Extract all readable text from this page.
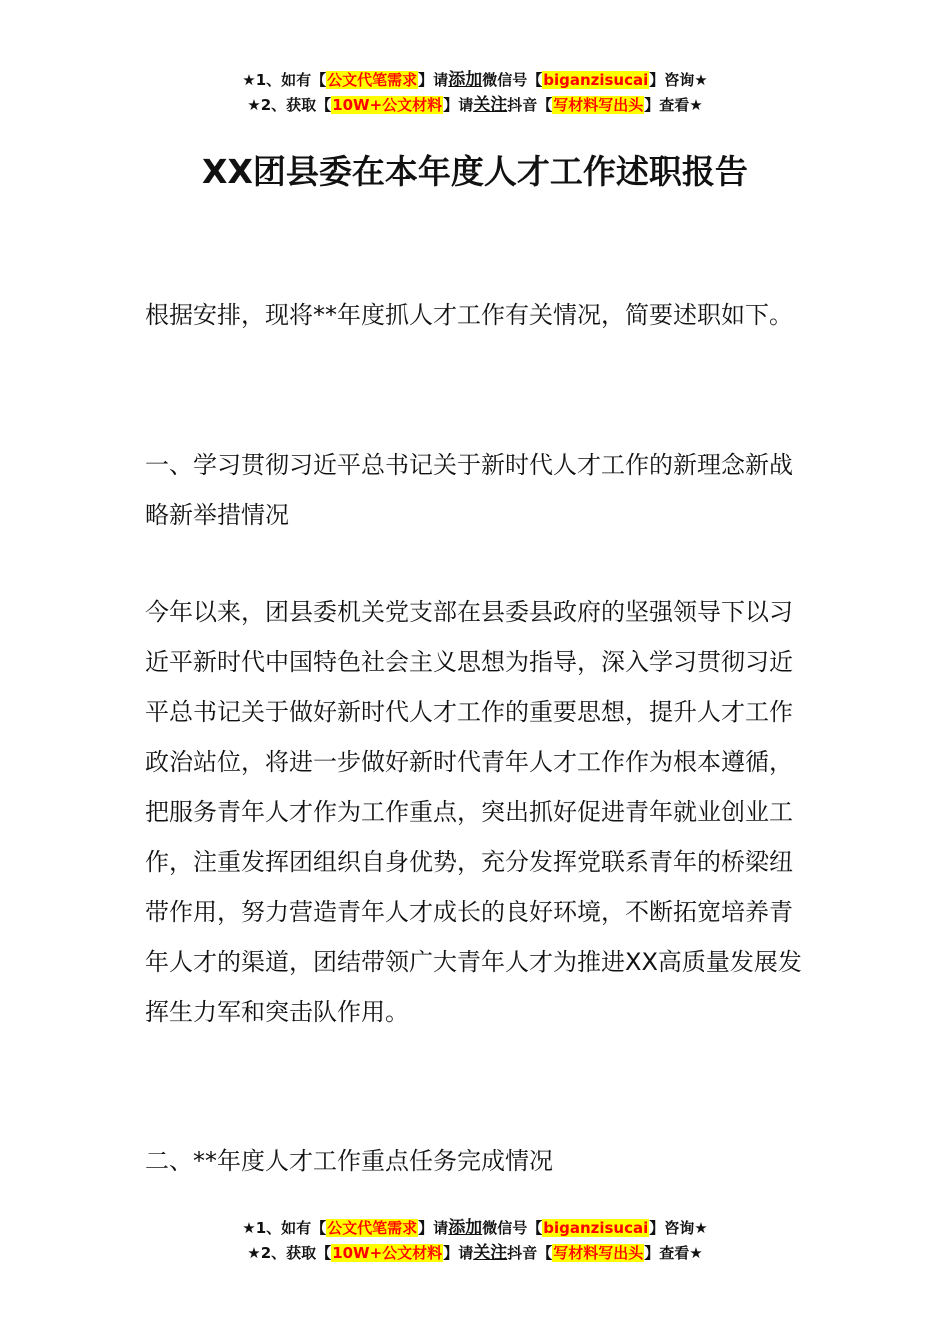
★1、如有【公文代笔需求】请添加微信号【biganzisucai】咨询★
★2、获取【10W+公文材料】请关注抖音【写材料写出头】查看★
XX团县委在本年度人才工作述职报告

根据安排，现将**年度抓人才工作有关情况，简要述职如下。

一、学习贯彻习近平总书记关于新时代人才工作的新理念新战略新举措情况

今年以来，团县委机关党支部在县委县政府的坚强领导下以习近平新时代中国特色社会主义思想为指导，深入学习贯彻习近平总书记关于做好新时代人才工作的重要思想，提升人才工作政治站位，将进一步做好新时代青年人才工作作为根本遵循，把服务青年人才作为工作重点，突出抓好促进青年就业创业工作，注重发挥团组织自身优势，充分发挥党联系青年的桥梁纽带作用，努力营造青年人才成长的良好环境，不断拓宽培养青年人才的渠道，团结带领广大青年人才为推进XX高质量发展发挥生力军和突击队作用。

二、**年度人才工作重点任务完成情况

★1、如有【公文代笔需求】请添加微信号【biganzisucai】咨询★
★2、获取【10W+公文材料】请关注抖音【写材料写出头】查看★
